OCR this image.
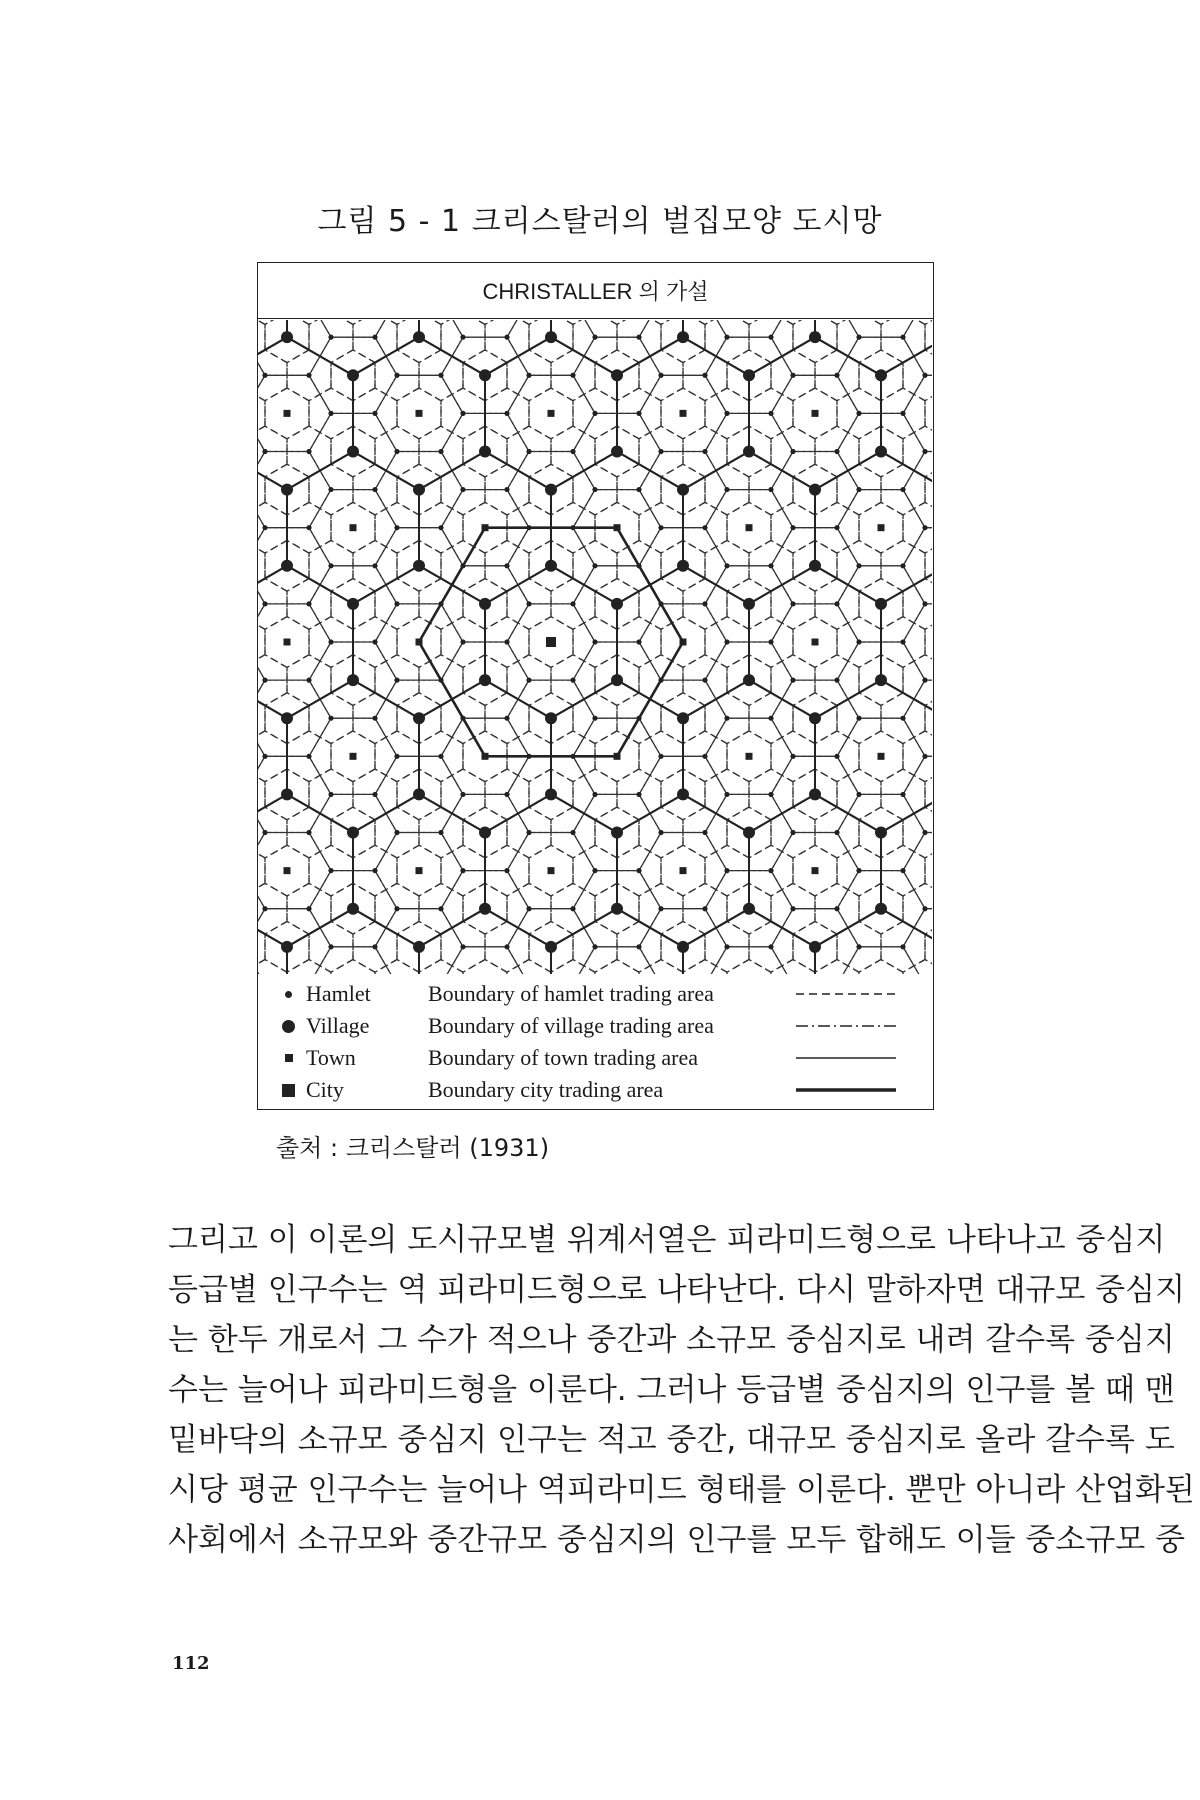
그림 5 - 1 크리스탈러의 벌집모양 도시망
CHRISTALLER 의 가설
Hamlet	Boundary of hamlet trading area
Village	Boundary of village trading area
Town	Boundary of town trading area
City	Boundary city trading area
출처 : 크리스탈러 (1931)
그리고 이 이론의 도시규모별 위계서열은 피라미드형으로 나타나고 중심지
등급별 인구수는 역 피라미드형으로 나타난다. 다시 말하자면 대규모 중심지
는 한두 개로서 그 수가 적으나 중간과 소규모 중심지로 내려 갈수록 중심지
수는 늘어나 피라미드형을 이룬다. 그러나 등급별 중심지의 인구를 볼 때 맨
밑바닥의 소규모 중심지 인구는 적고 중간, 대규모 중심지로 올라 갈수록 도
시당 평균 인구수는 늘어나 역피라미드 형태를 이룬다. 뿐만 아니라 산업화된
사회에서 소규모와 중간규모 중심지의 인구를 모두 합해도 이들 중소규모 중
112
